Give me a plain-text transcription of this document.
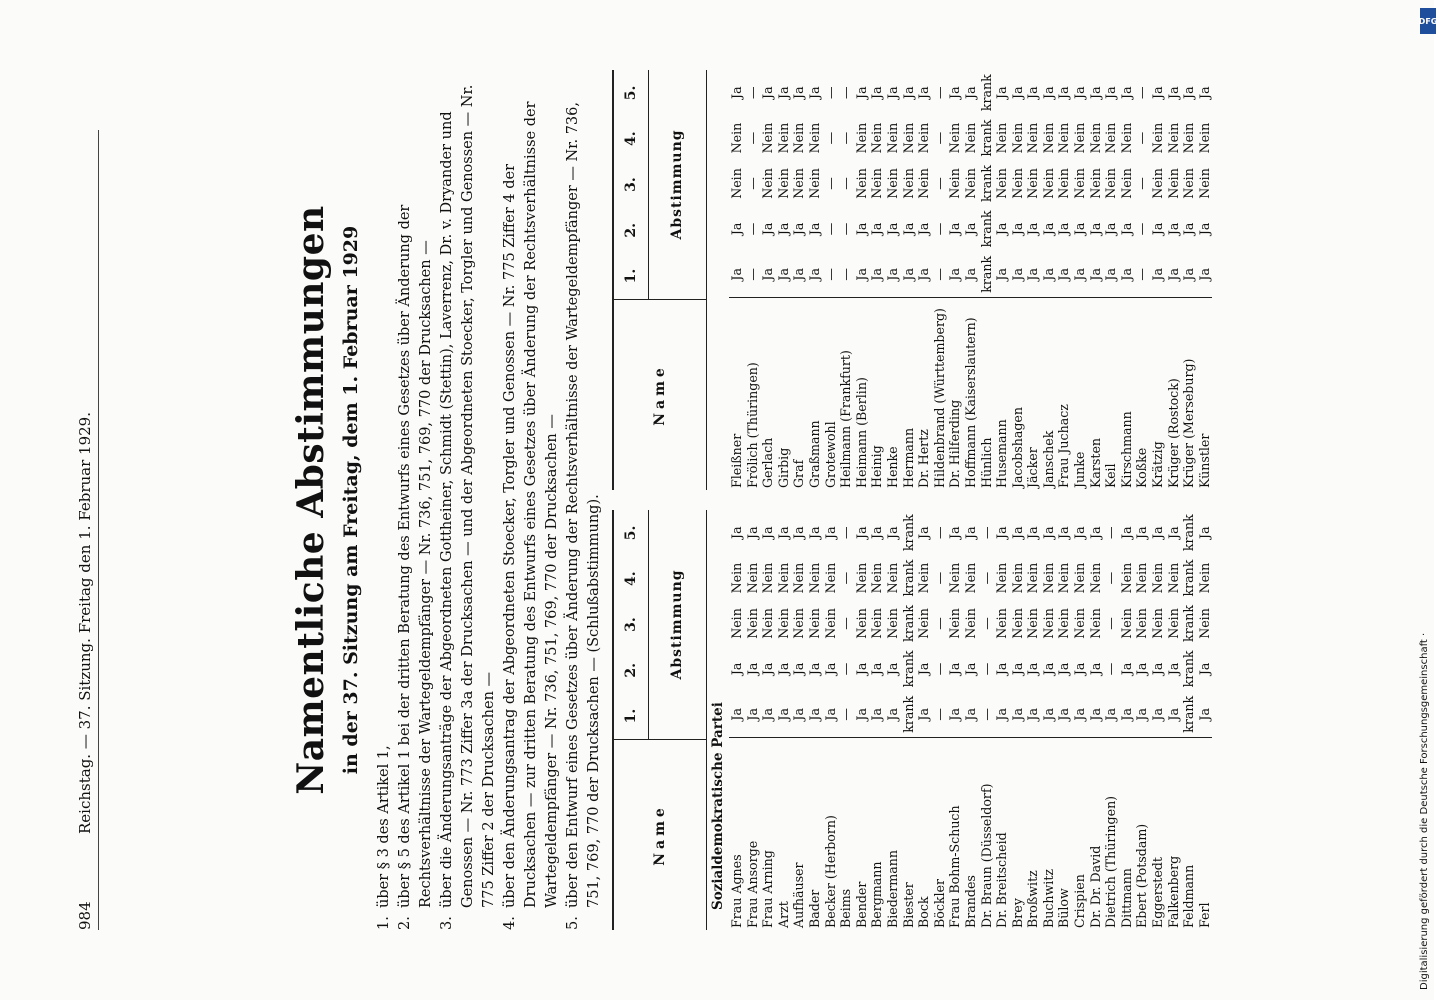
984
Reichstag. — 37. Sitzung. Freitag den 1. Februar 1929.	Namentliche Abstimmungen in der 37. Sitzung am Freitag, dem 1. Februar 1929
1.
über § 3 des Artikel 1,
2.
über § 5 des Artikel 1 bei der dritten Beratung des Entwurfs eines Gesetzes über Änderung der Rechtsverhältnisse der Wartegeldempfänger — Nr. 736, 751, 769, 770 der Drucksachen —
3.
über die Änderungsanträge der Abgeordneten Gottheiner, Schmidt (Stettin), Laverrenz, Dr. v. Dryander und Genossen — Nr. 773 Ziffer 3a der Drucksachen — und der Abgeordneten Stoecker, Torgler und Genossen — Nr. 775 Ziffer 2 der Drucksachen —
4.
über den Änderungsantrag der Abgeordneten Stoecker, Torgler und Genossen — Nr. 775 Ziffer 4 der Drucksachen — zur dritten Beratung des Entwurfs eines Gesetzes über Änderung der Rechtsverhältnisse der Wartegeldempfänger — Nr. 736, 751, 769, 770 der Drucksachen —
5.
über den Entwurf eines Gesetzes über Änderung der Rechtsverhältnisse der Wartegeldempfänger — Nr. 736, 751, 769, 770 der Drucksachen — (Schlußabstimmung).	Name
1.
2.
3.
4.
5.
Abstimmung
Sozialdemokratische Partei Frau Agnes
Ja
Ja
Nein
Nein
Ja
Frau Ansorge
Ja
Ja
Nein
Nein
Ja
Frau Arning
Ja
Ja
Nein
Nein
Ja
Arzt
Ja
Ja
Nein
Nein
Ja
Aufhäuser
Ja
Ja
Nein
Nein
Ja
Bader
Ja
Ja
Nein
Nein
Ja
Becker (Herborn)
Ja
Ja
Nein
Nein
Ja
Beims
—
—
—
—
—
Bender
Ja
Ja
Nein
Nein
Ja
Bergmann
Ja
Ja
Nein
Nein
Ja
Biedermann
Ja
Ja
Nein
Nein
Ja
Biester
krank
krank
krank
krank
krank
Bock
Ja
Ja
Nein
Nein
Ja
Böckler
—
—
—
—
—
Frau Bohm-Schuch
Ja
Ja
Nein
Nein
Ja
Brandes
Ja
Ja
Nein
Nein
Ja
Dr. Braun (Düsseldorf)
—
—
—
—
—
Dr. Breitscheid
Ja
Ja
Nein
Nein
Ja
Brey
Ja
Ja
Nein
Nein
Ja
Broßwitz
Ja
Ja
Nein
Nein
Ja
Buchwitz
Ja
Ja
Nein
Nein
Ja
Bülow
Ja
Ja
Nein
Nein
Ja
Crispien
Ja
Ja
Nein
Nein
Ja
Dr. Dr. David
Ja
Ja
Nein
Nein
Ja
Dietrich (Thüringen)
Ja
—
—
—
—
Dittmann
Ja
Ja
Nein
Nein
Ja
Ebert (Potsdam)
Ja
Ja
Nein
Nein
Ja
Eggerstedt
Ja
Ja
Nein
Nein
Ja
Falkenberg
Ja
Ja
Nein
Nein
Ja
Feldmann
krank
krank
krank
krank
krank
Ferl
Ja
Ja
Nein
Nein
Ja
Name
1.
2.
3.
4.
5.
Abstimmung
Fleißner
Ja
Ja
Nein
Nein
Ja
Frölich (Thüringen)
—
—
—
—
—
Gerlach
Ja
Ja
Nein
Nein
Ja
Girbig
Ja
Ja
Nein
Nein
Ja
Graf
Ja
Ja
Nein
Nein
Ja
Graßmann
Ja
Ja
Nein
Nein
Ja
Grotewohl
—
—
—
—
—
Heilmann (Frankfurt)
—
—
—
—
—
Heimann (Berlin)
Ja
Ja
Nein
Nein
Ja
Heinig
Ja
Ja
Nein
Nein
Ja
Henke
Ja
Ja
Nein
Nein
Ja
Hermann
Ja
Ja
Nein
Nein
Ja
Dr. Hertz
Ja
Ja
Nein
Nein
Ja
Hildenbrand (Württemberg)
—
—
—
—
—
Dr. Hilferding
Ja
Ja
Nein
Nein
Ja
Hoffmann (Kaiserslautern)
Ja
Ja
Nein
Nein
Ja
Hünlich
krank
krank
krank
krank
krank
Husemann
Ja
Ja
Nein
Nein
Ja
Jacobshagen
Ja
Ja
Nein
Nein
Ja
Jäcker
Ja
Ja
Nein
Nein
Ja
Janschek
Ja
Ja
Nein
Nein
Ja
Frau Juchacz
Ja
Ja
Nein
Nein
Ja
Junke
Ja
Ja
Nein
Nein
Ja
Karsten
Ja
Ja
Nein
Nein
Ja
Keil
Ja
Ja
Nein
Nein
Ja
Kirschmann
Ja
Ja
Nein
Nein
Ja
Koßke
—
—
—
—
—
Krätzig
Ja
Ja
Nein
Nein
Ja
Krüger (Rostock)
Ja
Ja
Nein
Nein
Ja
Krüger (Merseburg)
Ja
Ja
Nein
Nein
Ja
Künstler
Ja
Ja
Nein
Nein
Ja
Digitalisierung gefördert durch die Deutsche Forschungsgemeinschaft ·
DFG
